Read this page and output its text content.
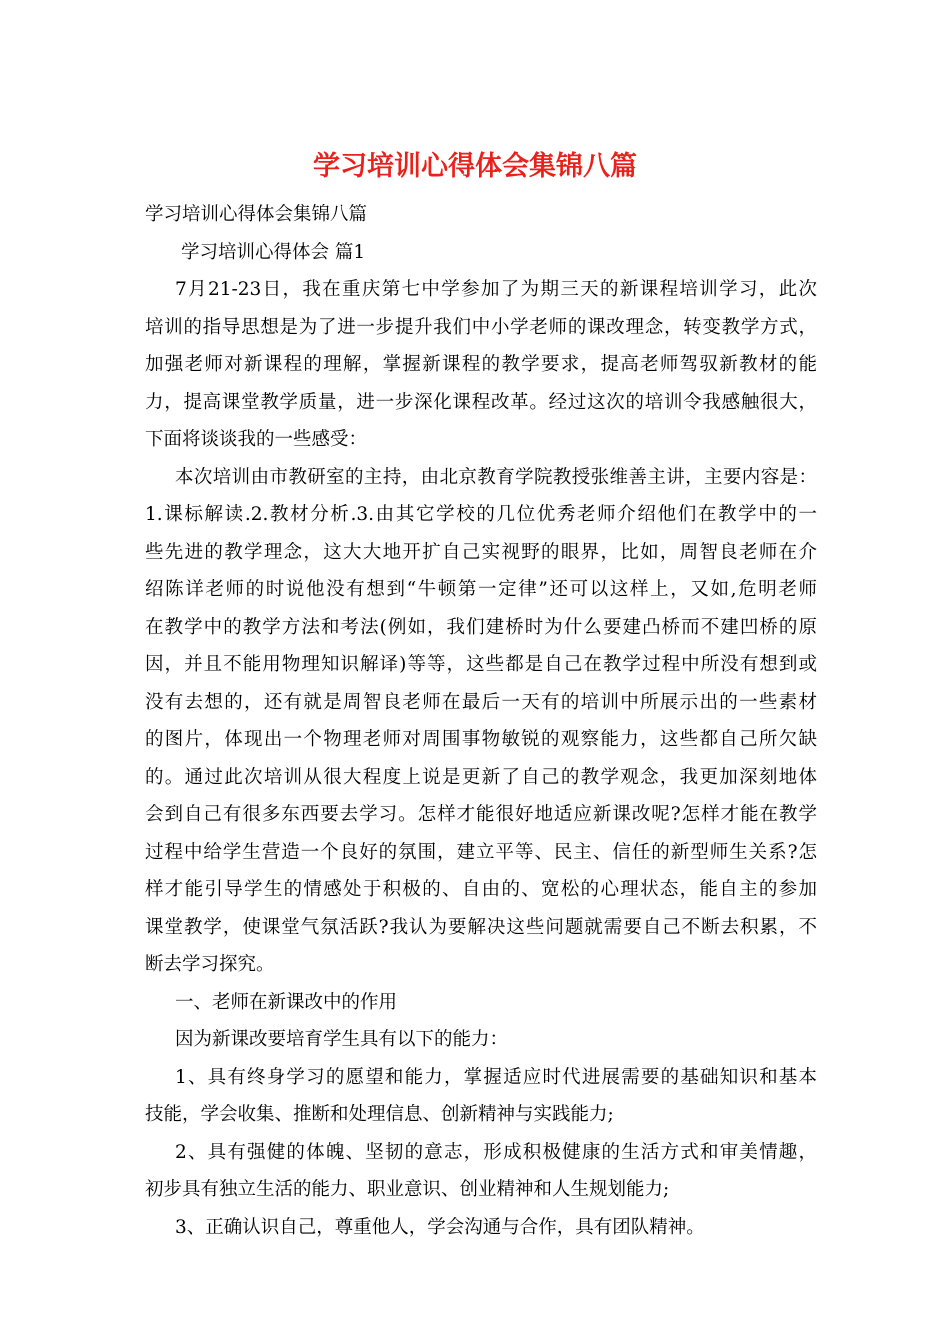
学习培训心得体会集锦八篇

学习培训心得体会集锦八篇

学习培训心得体会 篇1

7月21-23日，我在重庆第七中学参加了为期三天的新课程培训学习，此次

培训的指导思想是为了进一步提升我们中小学老师的课改理念，转变教学方式，

加强老师对新课程的理解，掌握新课程的教学要求，提高老师驾驭新教材的能

力，提高课堂教学质量，进一步深化课程改革。经过这次的培训令我感触很大，

下面将谈谈我的一些感受：

本次培训由市教研室的主持，由北京教育学院教授张维善主讲，主要内容是：

1.课标解读.2.教材分析.3.由其它学校的几位优秀老师介绍他们在教学中的一

些先进的教学理念，这大大地开扩自己实视野的眼界，比如，周智良老师在介

绍陈详老师的时说他没有想到“牛顿第一定律”还可以这样上，又如,危明老师

在教学中的教学方法和考法(例如，我们建桥时为什么要建凸桥而不建凹桥的原

因，并且不能用物理知识解译)等等，这些都是自己在教学过程中所没有想到或

没有去想的，还有就是周智良老师在最后一天有的培训中所展示出的一些素材

的图片，体现出一个物理老师对周围事物敏锐的观察能力，这些都自己所欠缺

的。通过此次培训从很大程度上说是更新了自己的教学观念，我更加深刻地体

会到自己有很多东西要去学习。怎样才能很好地适应新课改呢?怎样才能在教学

过程中给学生营造一个良好的氛围，建立平等、民主、信任的新型师生关系?怎

样才能引导学生的情感处于积极的、自由的、宽松的心理状态，能自主的参加

课堂教学，使课堂气氛活跃?我认为要解决这些问题就需要自己不断去积累，不

断去学习探究。

一、老师在新课改中的作用

因为新课改要培育学生具有以下的能力：

1、具有终身学习的愿望和能力，掌握适应时代进展需要的基础知识和基本

技能，学会收集、推断和处理信息、创新精神与实践能力;

2、具有强健的体魄、坚韧的意志，形成积极健康的生活方式和审美情趣，

初步具有独立生活的能力、职业意识、创业精神和人生规划能力;

3、正确认识自己，尊重他人，学会沟通与合作，具有团队精神。
